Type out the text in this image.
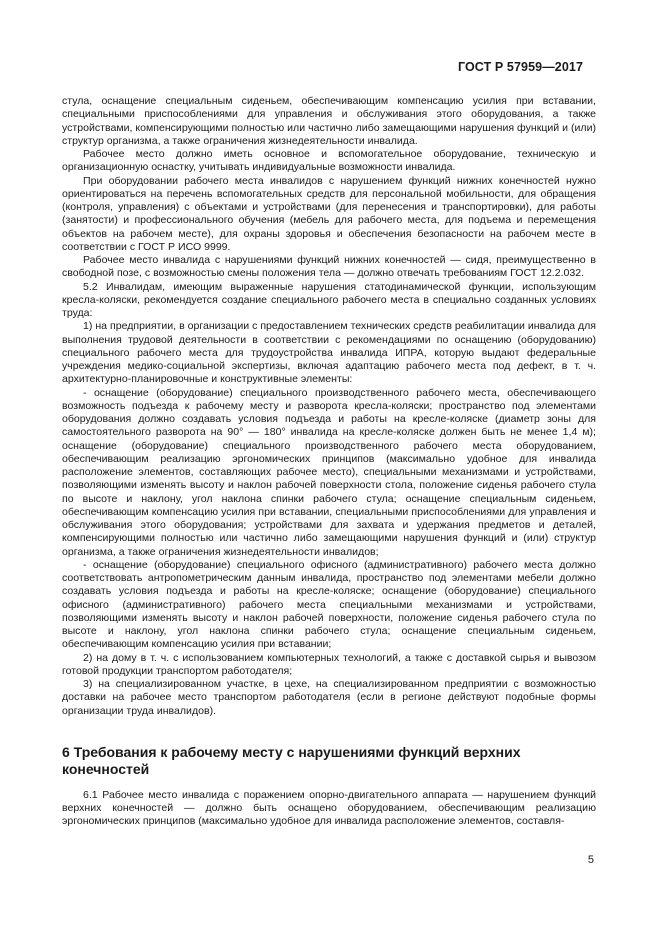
ГОСТ Р 57959—2017

стула, оснащение специальным сиденьем, обеспечивающим компенсацию усилия при вставании, специальными приспособлениями для управления и обслуживания этого оборудования, а также устройствами, компенсирующими полностью или частично либо замещающими нарушения функций и (или) структур организма, а также ограничения жизнедеятельности инвалида.

Рабочее место должно иметь основное и вспомогательное оборудование, техническую и организационную оснастку, учитывать индивидуальные возможности инвалида.

При оборудовании рабочего места инвалидов с нарушением функций нижних конечностей нужно ориентироваться на перечень вспомогательных средств для персональной мобильности, для обращения (контроля, управления) с объектами и устройствами (для перенесения и транспортировки), для работы (занятости) и профессионального обучения (мебель для рабочего места, для подъема и перемещения объектов на рабочем месте), для охраны здоровья и обеспечения безопасности на рабочем месте в соответствии с ГОСТ Р ИСО 9999.

Рабочее место инвалида с нарушениями функций нижних конечностей — сидя, преимущественно в свободной позе, с возможностью смены положения тела — должно отвечать требованиям ГОСТ 12.2.032.

5.2 Инвалидам, имеющим выраженные нарушения статодинамической функции, использующим кресла-коляски, рекомендуется создание специального рабочего места в специально созданных условиях труда:

1) на предприятии, в организации с предоставлением технических средств реабилитации инвалида для выполнения трудовой деятельности в соответствии с рекомендациями по оснащению (оборудованию) специального рабочего места для трудоустройства инвалида ИПРА, которую выдают федеральные учреждения медико-социальной экспертизы, включая адаптацию рабочего места под дефект, в т. ч. архитектурно-планировочные и конструктивные элементы:

- оснащение (оборудование) специального производственного рабочего места, обеспечивающего возможность подъезда к рабочему месту и разворота кресла-коляски; пространство под элементами оборудования должно создавать условия подъезда и работы на кресле-коляске (диаметр зоны для самостоятельного разворота на 90° — 180° инвалида на кресле-коляске должен быть не менее 1,4 м); оснащение (оборудование) специального производственного рабочего места оборудованием, обеспечивающим реализацию эргономических принципов (максимально удобное для инвалида расположение элементов, составляющих рабочее место), специальными механизмами и устройствами, позволяющими изменять высоту и наклон рабочей поверхности стола, положение сиденья рабочего стула по высоте и наклону, угол наклона спинки рабочего стула; оснащение специальным сиденьем, обеспечивающим компенсацию усилия при вставании, специальными приспособлениями для управления и обслуживания этого оборудования; устройствами для захвата и удержания предметов и деталей, компенсирующими полностью или частично либо замещающими нарушения функций и (или) структур организма, а также ограничения жизнедеятельности инвалидов;

- оснащение (оборудование) специального офисного (административного) рабочего места должно соответствовать антропометрическим данным инвалида, пространство под элементами мебели должно создавать условия подъезда и работы на кресле-коляске; оснащение (оборудование) специального офисного (административного) рабочего места специальными механизмами и устройствами, позволяющими изменять высоту и наклон рабочей поверхности, положение сиденья рабочего стула по высоте и наклону, угол наклона спинки рабочего стула; оснащение специальным сиденьем, обеспечивающим компенсацию усилия при вставании;

2) на дому в т. ч. с использованием компьютерных технологий, а также с доставкой сырья и вывозом готовой продукции транспортом работодателя;

3) на специализированном участке, в цехе, на специализированном предприятии с возможностью доставки на рабочее место транспортом работодателя (если в регионе действуют подобные формы организации труда инвалидов).

6 Требования к рабочему месту с нарушениями функций верхних конечностей

6.1 Рабочее место инвалида с поражением опорно-двигательного аппарата — нарушением функций верхних конечностей — должно быть оснащено оборудованием, обеспечивающим реализацию эргономических принципов (максимально удобное для инвалида расположение элементов, составля-

5
